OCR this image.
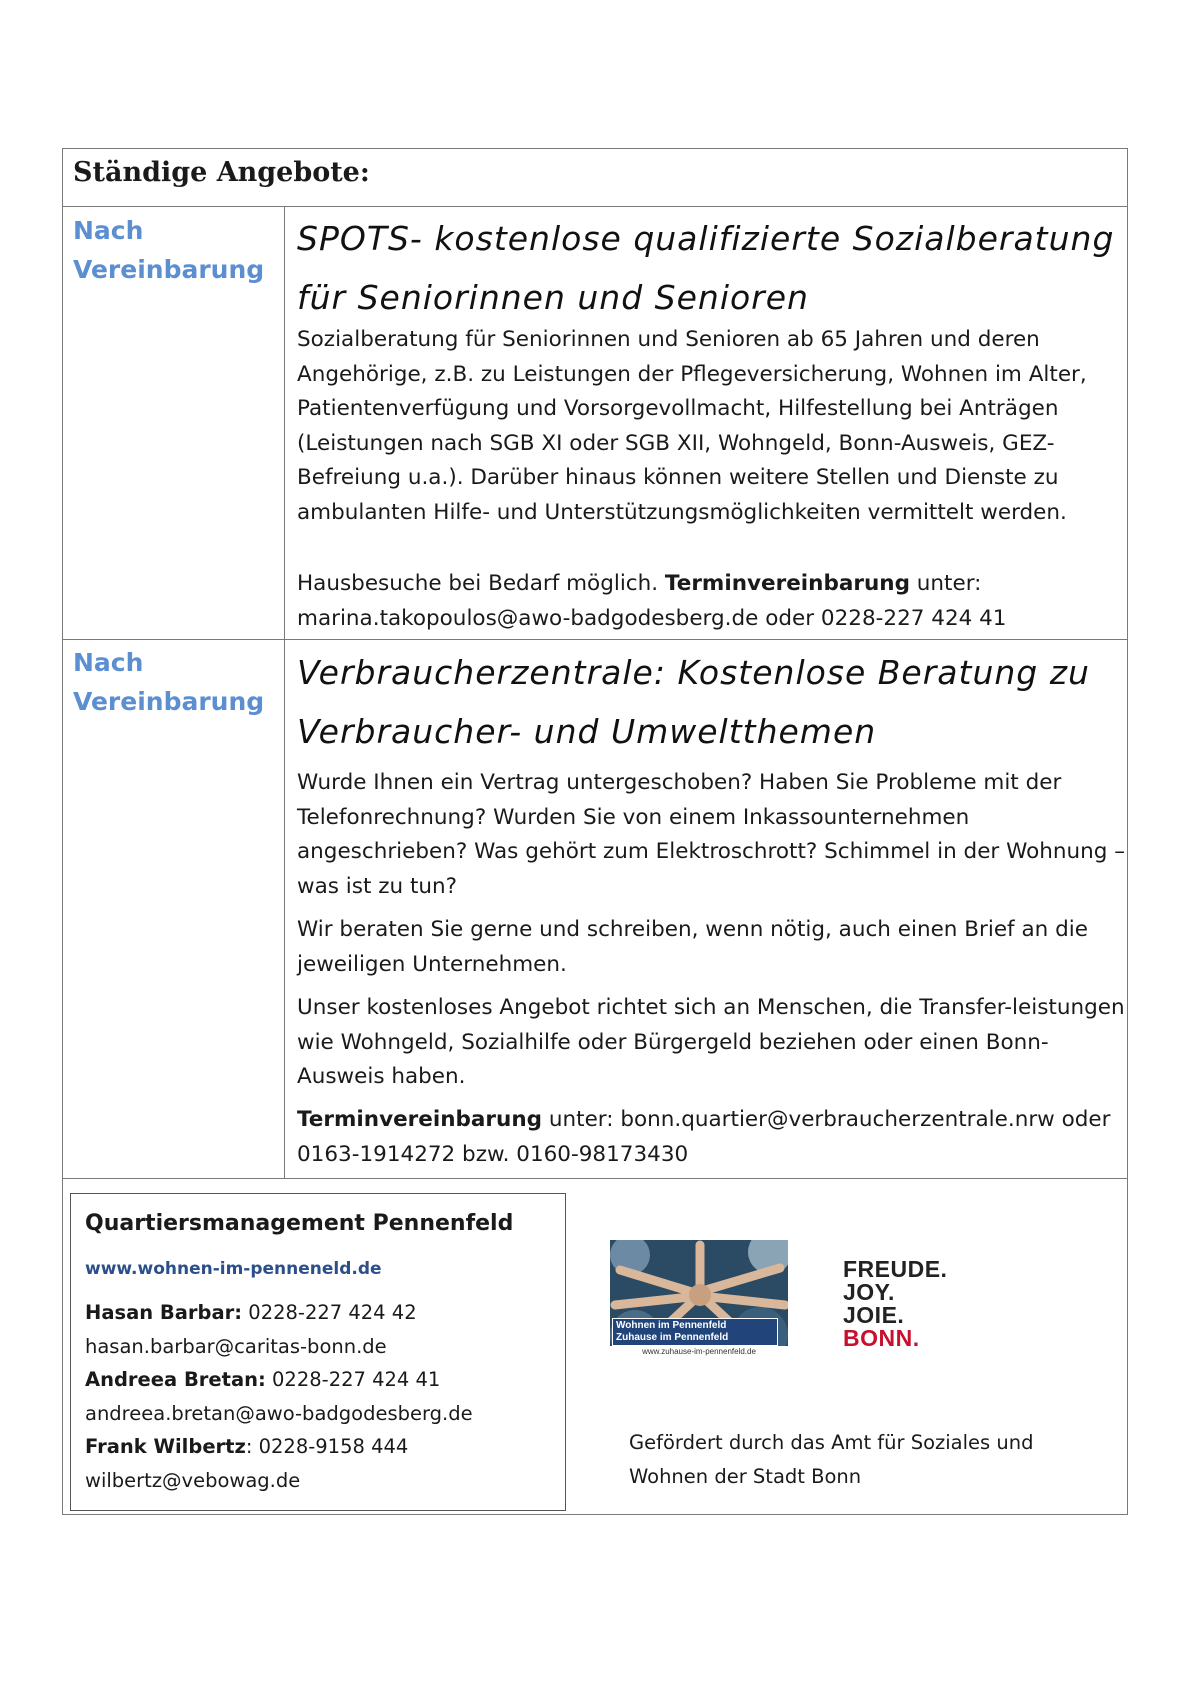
Ständige Angebote:
Nach
Vereinbarung
SPOTS- kostenlose qualifizierte Sozialberatung
für Seniorinnen und Senioren
Sozialberatung für Seniorinnen und Senioren ab 65 Jahren und deren Angehörige, z.B. zu Leistungen der Pflegeversicherung, Wohnen im Alter, Patientenverfügung und Vorsorgevollmacht, Hilfestellung bei Anträgen (Leistungen nach SGB XI oder SGB XII, Wohngeld, Bonn-Ausweis, GEZ-Befreiung u.a.). Darüber hinaus können weitere Stellen und Dienste zu ambulanten Hilfe- und Unterstützungsmöglichkeiten vermittelt werden.
Hausbesuche bei Bedarf möglich. Terminvereinbarung unter: marina.takopoulos@awo-badgodesberg.de oder 0228-227 424 41
Nach
Vereinbarung
Verbraucherzentrale: Kostenlose Beratung zu
Verbraucher- und Umweltthemen
Wurde Ihnen ein Vertrag untergeschoben? Haben Sie Probleme mit der Telefonrechnung? Wurden Sie von einem Inkassounternehmen angeschrieben? Was gehört zum Elektroschrott? Schimmel in der Wohnung – was ist zu tun?
Wir beraten Sie gerne und schreiben, wenn nötig, auch einen Brief an die jeweiligen Unternehmen.
Unser kostenloses Angebot richtet sich an Menschen, die Transfer-leistungen wie Wohngeld, Sozialhilfe oder Bürgergeld beziehen oder einen Bonn-Ausweis haben.
Terminvereinbarung unter: bonn.quartier@verbraucherzentrale.nrw oder 0163-1914272 bzw. 0160-98173430
Quartiersmanagement Pennenfeld
www.wohnen-im-penneneld.de
Hasan Barbar: 0228-227 424 42
hasan.barbar@caritas-bonn.de
Andreea Bretan: 0228-227 424 41
andreea.bretan@awo-badgodesberg.de
Frank Wilbertz: 0228-9158 444
wilbertz@vebowag.de
Wohnen im Pennenfeld
Zuhause im Pennenfeld
www.zuhause-im-pennenfeld.de
FREUDE.
JOY.
JOIE.
BONN.
Gefördert durch das Amt für Soziales und
Wohnen der Stadt Bonn
